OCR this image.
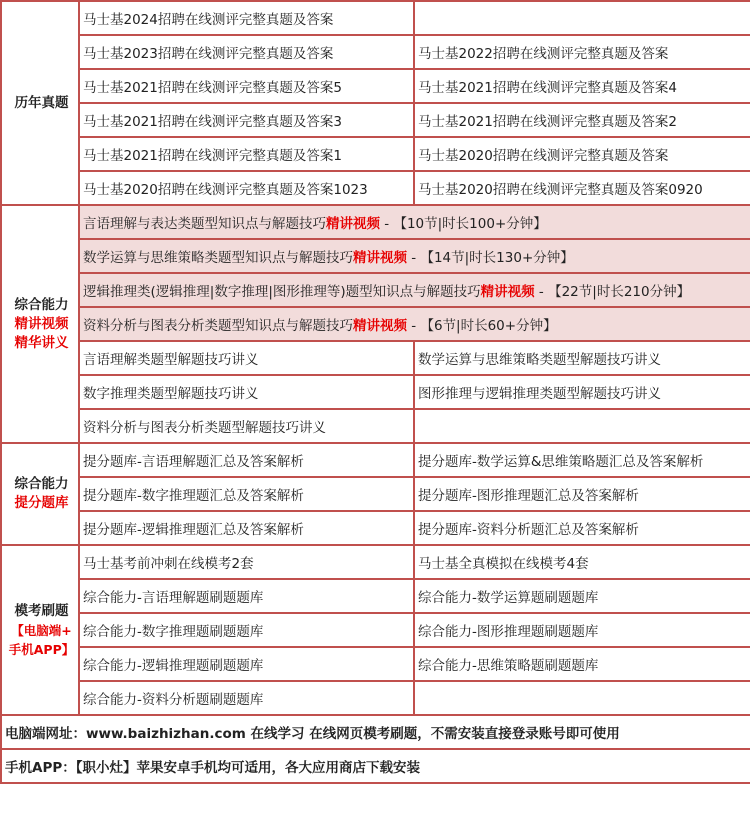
历年真题	马士基2024招聘在线测评完整真题及答案	
	马士基2023招聘在线测评完整真题及答案	马士基2022招聘在线测评完整真题及答案
	马士基2021招聘在线测评完整真题及答案5	马士基2021招聘在线测评完整真题及答案4
	马士基2021招聘在线测评完整真题及答案3	马士基2021招聘在线测评完整真题及答案2
	马士基2021招聘在线测评完整真题及答案1	马士基2020招聘在线测评完整真题及答案
	马士基2020招聘在线测评完整真题及答案1023	马士基2020招聘在线测评完整真题及答案0920

综合能力
精讲视频
精华讲义	言语理解与表达类题型知识点与解题技巧精讲视频 - 【10节|时长100+分钟】	
	数学运算与思维策略类题型知识点与解题技巧精讲视频 - 【14节|时长130+分钟】	
	逻辑推理类(逻辑推理|数字推理|图形推理等)题型知识点与解题技巧精讲视频 - 【22节|时长210分钟】	
	资料分析与图表分析类题型知识点与解题技巧精讲视频 - 【6节|时长60+分钟】	
	言语理解类题型解题技巧讲义	数学运算与思维策略类题型解题技巧讲义
	数字推理类题型解题技巧讲义	图形推理与逻辑推理类题型解题技巧讲义
	资料分析与图表分析类题型解题技巧讲义	

综合能力
提分题库	提分题库-言语理解题汇总及答案解析	提分题库-数学运算&思维策略题汇总及答案解析
	提分题库-数字推理题汇总及答案解析	提分题库-图形推理题汇总及答案解析
	提分题库-逻辑推理题汇总及答案解析	提分题库-资料分析题汇总及答案解析

模考刷题
【电脑端+
手机APP】	马士基考前冲刺在线模考2套	马士基全真模拟在线模考4套
	综合能力-言语理解题刷题题库	综合能力-数学运算题刷题题库
	综合能力-数字推理题刷题题库	综合能力-图形推理题刷题题库
	综合能力-逻辑推理题刷题题库	综合能力-思维策略题刷题题库
	综合能力-资料分析题刷题题库	
电脑端网址：www.baizhizhan.com 在线学习 在线网页模考刷题，不需安装直接登录账号即可使用		
手机APP：【职小灶】苹果安卓手机均可适用，各大应用商店下载安装		
